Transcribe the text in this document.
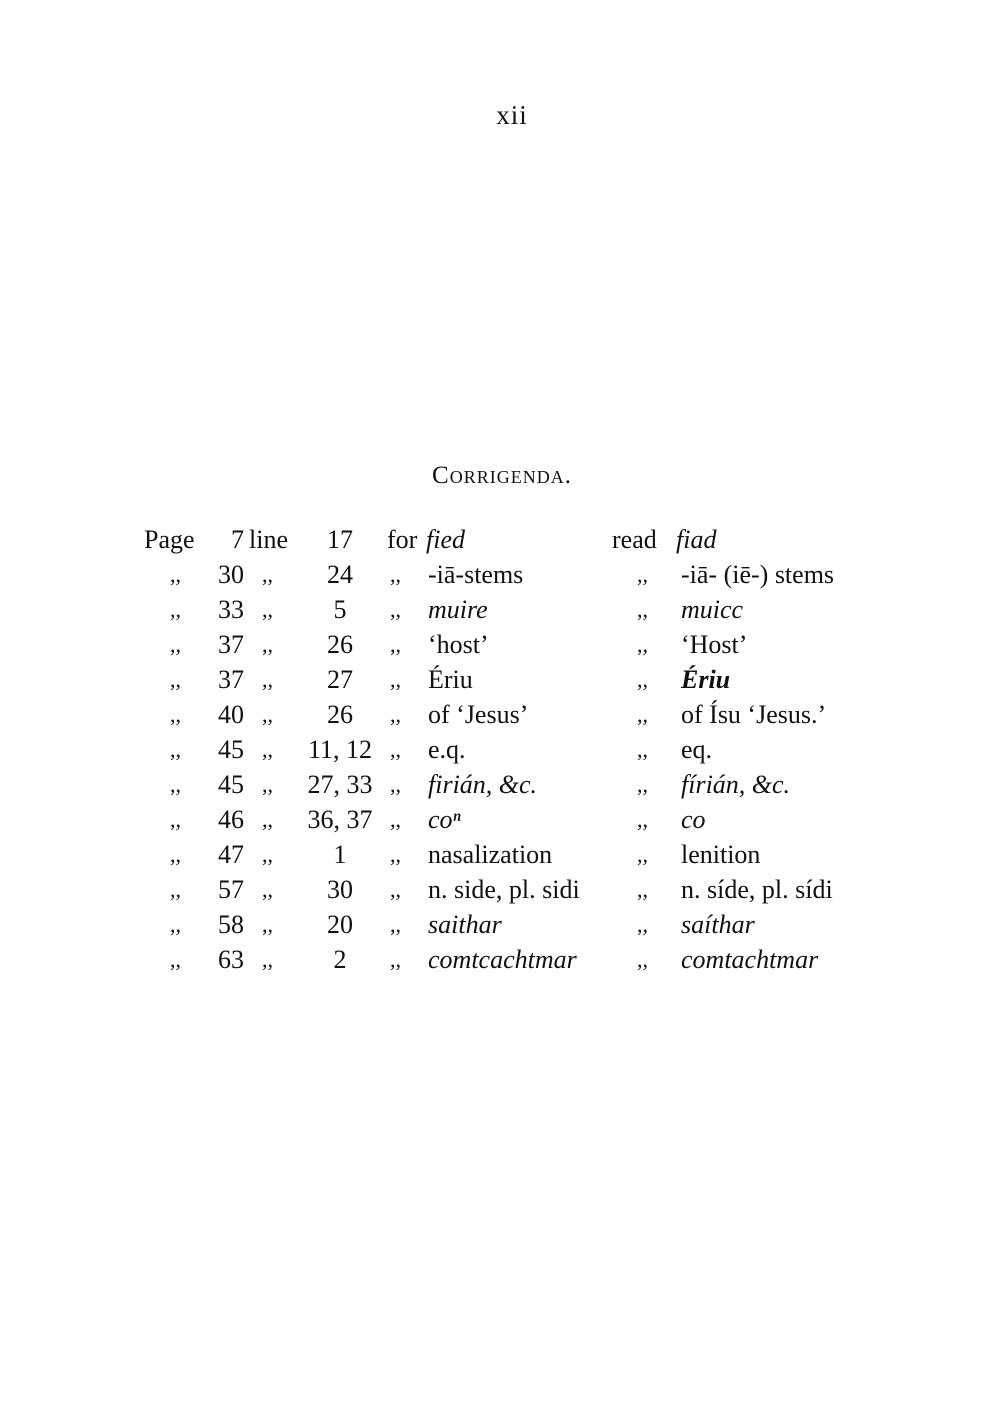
xii
Corrigenda.
Page	7 line	17	for fied	read fiad
,, 30 ,,	24	,, -iā-stems	,, -iā- (iē-) stems
,, 33 ,,	5	,, muire	,, muicc
,, 37 ,,	26	,, ‘host’	,, ‘Host’
,, 37 ,,	27	,, Ériu	,, Ériu
,, 40 ,,	26	,, of ‘Jesus’	,, of Ísu ‘Jesus.’
,, 45 ,,	11, 12 ,, e.q.	,, eq.
,, 45 ,, 27, 33 ,, firián, &c.	,, fírián, &c.
,, 46 ,, 36, 37 ,, coⁿ	,, co
,, 47 ,,	1	,, nasalization	,, lenition
,, 57 ,,	30	,, n. side, pl. sidi	,, n. síde, pl. sídi
,, 58 ,,	20	,, saithar	,, saíthar
,, 63 ,,	2	,, comtcachtmar	,, comtachtmar
